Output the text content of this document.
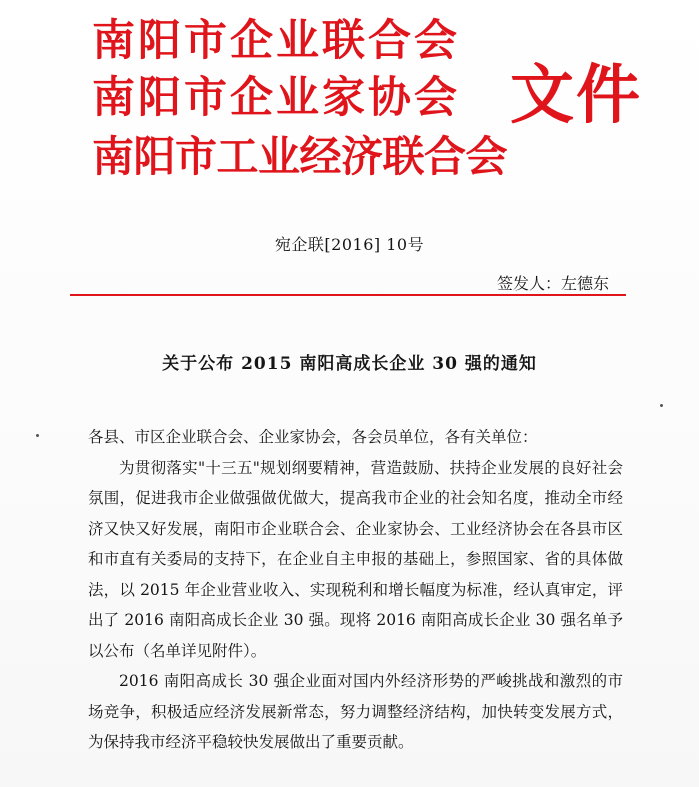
南阳市企业联合会
南阳市企业家协会
南阳市工业经济联合会
文件
宛企联[2016] 10号
签发人：左德东
关于公布 2015 南阳高成长企业 30 强的通知

各县、市区企业联合会、企业家协会，各会员单位，各有关单位：

为贯彻落实"十三五"规划纲要精神，营造鼓励、扶持企业发展的良好社会氛围，促进我市企业做强做优做大，提高我市企业的社会知名度，推动全市经济又快又好发展，南阳市企业联合会、企业家协会、工业经济协会在各县市区和市直有关委局的支持下，在企业自主申报的基础上，参照国家、省的具体做法，以 2015 年企业营业收入、实现税利和增长幅度为标准，经认真审定，评出了 2016 南阳高成长企业 30 强。现将 2016 南阳高成长企业 30 强名单予以公布（名单详见附件）。

2016 南阳高成长 30 强企业面对国内外经济形势的严峻挑战和激烈的市场竞争，积极适应经济发展新常态，努力调整经济结构，加快转变发展方式，为保持我市经济平稳较快发展做出了重要贡献。
